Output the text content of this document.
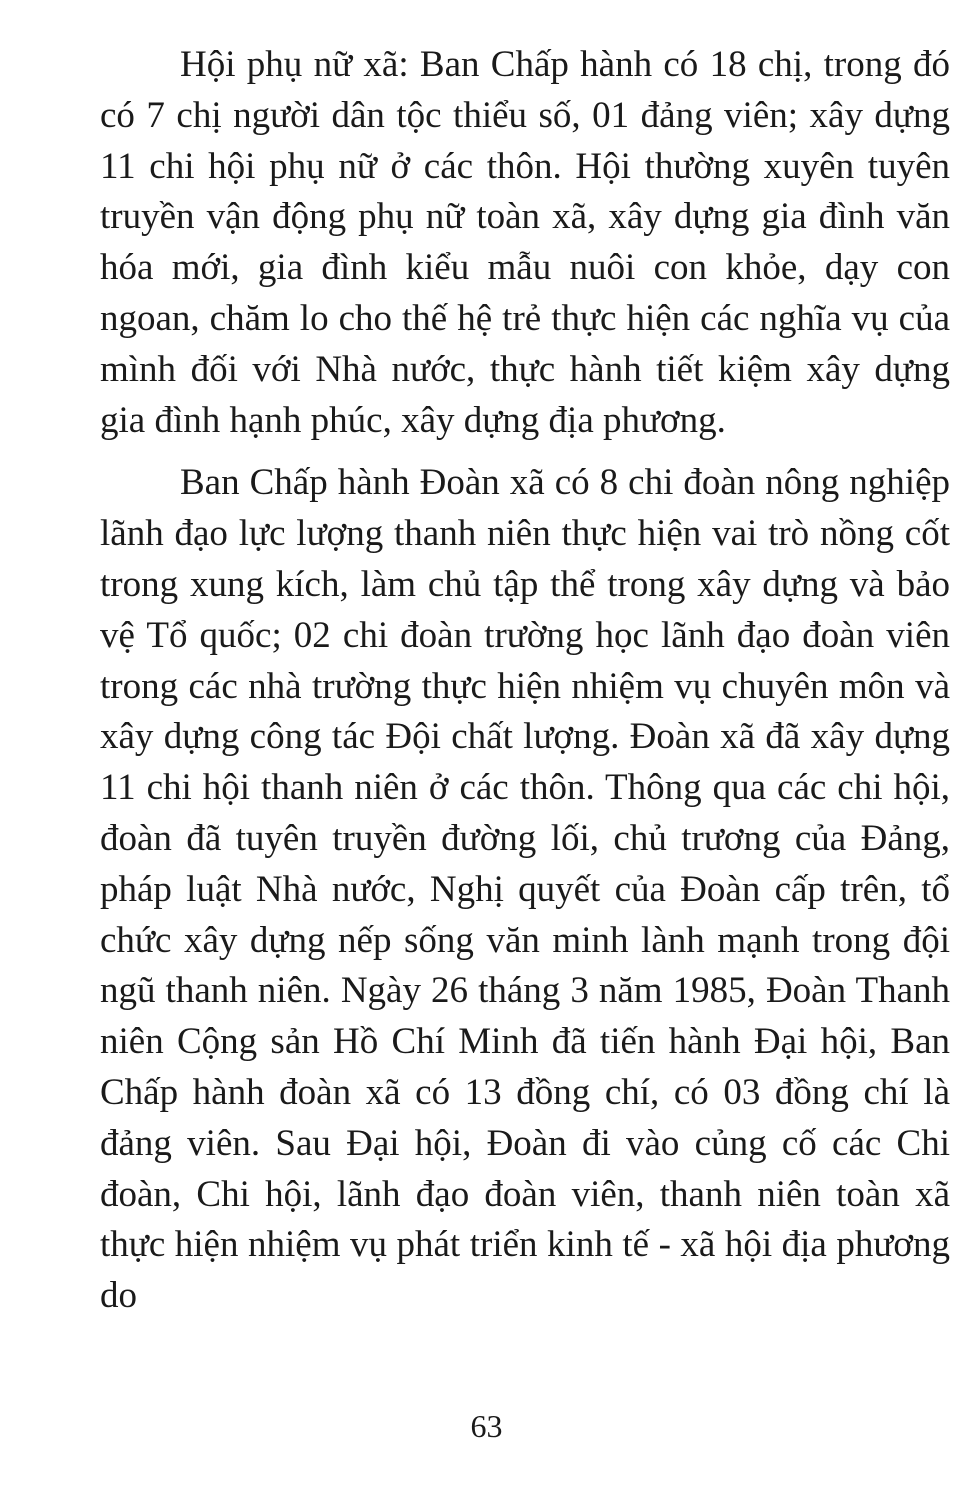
Hội phụ nữ xã: Ban Chấp hành có 18 chị, trong đó có 7 chị người dân tộc thiểu số, 01 đảng viên; xây dựng 11 chi hội phụ nữ ở các thôn. Hội thường xuyên tuyên truyền vận động phụ nữ toàn xã, xây dựng gia đình văn hóa mới, gia đình kiểu mẫu nuôi con khỏe, dạy con ngoan, chăm lo cho thế hệ trẻ thực hiện các nghĩa vụ của mình đối với Nhà nước, thực hành tiết kiệm xây dựng gia đình hạnh phúc, xây dựng địa phương.

Ban Chấp hành Đoàn xã có 8 chi đoàn nông nghiệp lãnh đạo lực lượng thanh niên thực hiện vai trò nồng cốt trong xung kích, làm chủ tập thể trong xây dựng và bảo vệ Tổ quốc; 02 chi đoàn trường học lãnh đạo đoàn viên trong các nhà trường thực hiện nhiệm vụ chuyên môn và xây dựng công tác Đội chất lượng. Đoàn xã đã xây dựng 11 chi hội thanh niên ở các thôn. Thông qua các chi hội, đoàn đã tuyên truyền đường lối, chủ trương của Đảng, pháp luật Nhà nước, Nghị quyết của Đoàn cấp trên, tổ chức xây dựng nếp sống văn minh lành mạnh trong đội ngũ thanh niên. Ngày 26 tháng 3 năm 1985, Đoàn Thanh niên Cộng sản Hồ Chí Minh đã tiến hành Đại hội, Ban Chấp hành đoàn xã có 13 đồng chí, có 03 đồng chí là đảng viên. Sau Đại hội, Đoàn đi vào củng cố các Chi đoàn, Chi hội, lãnh đạo đoàn viên, thanh niên toàn xã thực hiện nhiệm vụ phát triển kinh tế - xã hội địa phương do

63
